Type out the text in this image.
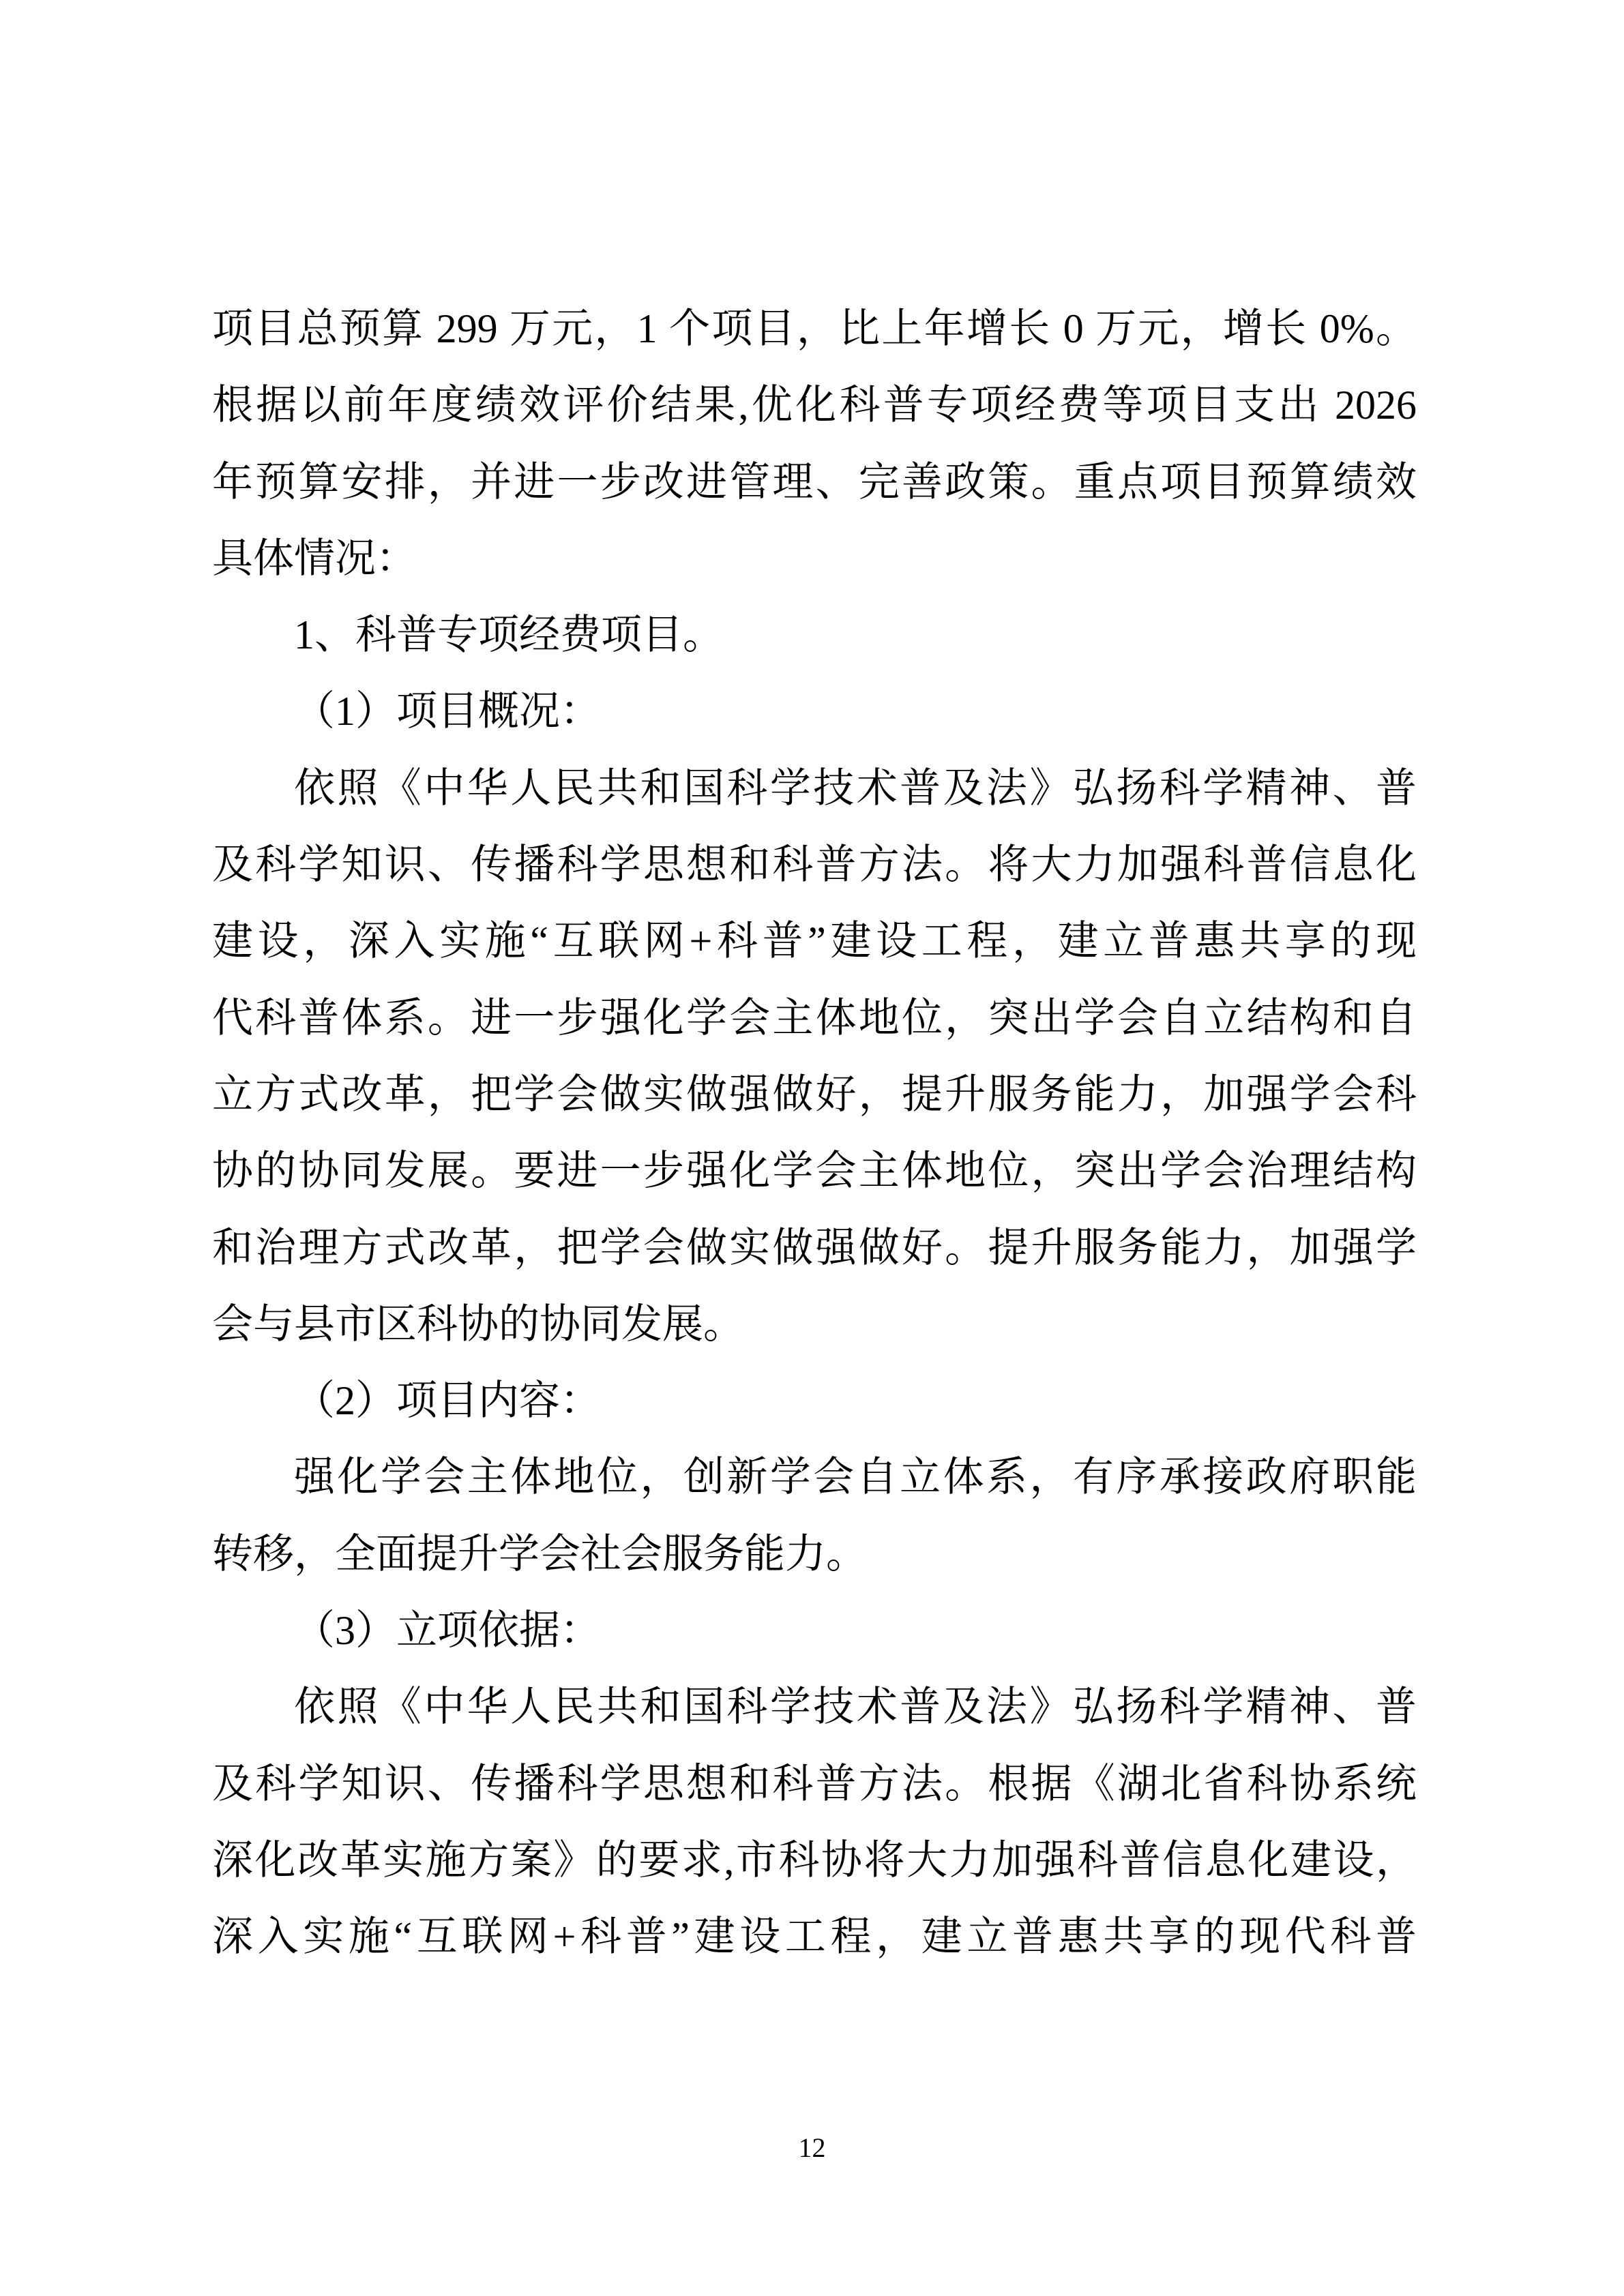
项目总预算 299 万元，1 个项目，比上年增长 0 万元，增长 0%。
根据以前年度绩效评价结果,优化科普专项经费等项目支出 2026
年预算安排，并进一步改进管理、完善政策。重点项目预算绩效
具体情况：
1、科普专项经费项目。
（1）项目概况：
依照《中华人民共和国科学技术普及法》弘扬科学精神、普
及科学知识、传播科学思想和科普方法。将大力加强科普信息化
建设，深入实施“互联网+科普”建设工程，建立普惠共享的现
代科普体系。进一步强化学会主体地位，突出学会自立结构和自
立方式改革，把学会做实做强做好，提升服务能力，加强学会科
协的协同发展。要进一步强化学会主体地位，突出学会治理结构
和治理方式改革，把学会做实做强做好。提升服务能力，加强学
会与县市区科协的协同发展。
（2）项目内容：
强化学会主体地位，创新学会自立体系，有序承接政府职能
转移，全面提升学会社会服务能力。
（3）立项依据：
依照《中华人民共和国科学技术普及法》弘扬科学精神、普
及科学知识、传播科学思想和科普方法。根据《湖北省科协系统
深化改革实施方案》的要求,市科协将大力加强科普信息化建设，
深入实施“互联网+科普”建设工程，建立普惠共享的现代科普
12
